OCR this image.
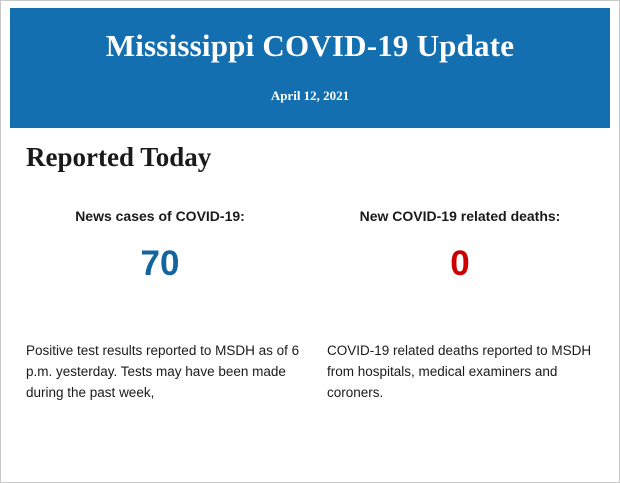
Mississippi COVID-19 Update
April 12, 2021
Reported Today
News cases of COVID-19:
70
New COVID-19 related deaths:
0
Positive test results reported to MSDH as of 6 p.m. yesterday. Tests may have been made during the past week,
COVID-19 related deaths reported to MSDH from hospitals, medical examiners and coroners.
